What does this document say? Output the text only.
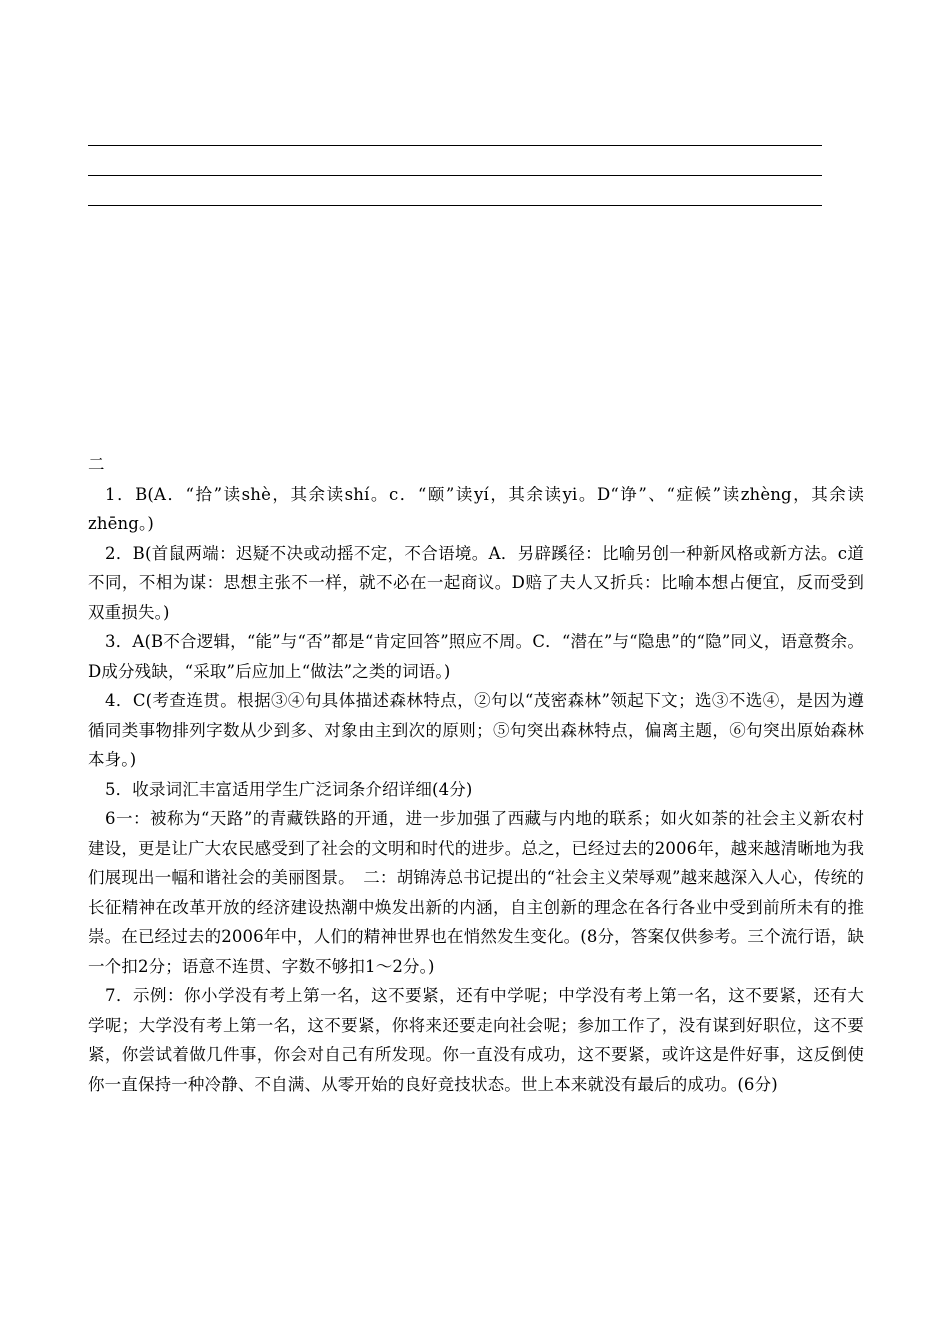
二

1．B(A．“拾”读shè，其余读shí。c．“颐”读yí，其余读yi。D“诤”、“症候”读zhèng，其余读zhēng。)

2．B(首鼠两端：迟疑不决或动摇不定，不合语境。A．另辟蹊径：比喻另创一种新风格或新方法。c道不同，不相为谋：思想主张不一样，就不必在一起商议。D赔了夫人又折兵：比喻本想占便宜，反而受到双重损失。)

3．A(B不合逻辑，“能”与“否”都是“肯定回答”照应不周。C．“潜在”与“隐患”的“隐”同义，语意赘余。D成分残缺，“采取”后应加上“做法”之类的词语。)

4．C(考查连贯。根据③④句具体描述森林特点，②句以“茂密森林”领起下文；选③不选④，是因为遵循同类事物排列字数从少到多、对象由主到次的原则；⑤句突出森林特点，偏离主题，⑥句突出原始森林本身。)

5．收录词汇丰富适用学生广泛词条介绍详细(4分)

6一：被称为“天路”的青藏铁路的开通，进一步加强了西藏与内地的联系；如火如荼的社会主义新农村建设，更是让广大农民感受到了社会的文明和时代的进步。总之，已经过去的2006年，越来越清晰地为我们展现出一幅和谐社会的美丽图景。　二：胡锦涛总书记提出的“社会主义荣辱观”越来越深入人心，传统的长征精神在改革开放的经济建设热潮中焕发出新的内涵，自主创新的理念在各行各业中受到前所未有的推崇。在已经过去的2006年中，人们的精神世界也在悄然发生变化。(8分，答案仅供参考。三个流行语，缺一个扣2分；语意不连贯、字数不够扣1～2分。)

7．示例：你小学没有考上第一名，这不要紧，还有中学呢；中学没有考上第一名，这不要紧，还有大学呢；大学没有考上第一名，这不要紧，你将来还要走向社会呢；参加工作了，没有谋到好职位，这不要紧，你尝试着做几件事，你会对自己有所发现。你一直没有成功，这不要紧，或许这是件好事，这反倒使你一直保持一种冷静、不自满、从零开始的良好竞技状态。世上本来就没有最后的成功。(6分)
